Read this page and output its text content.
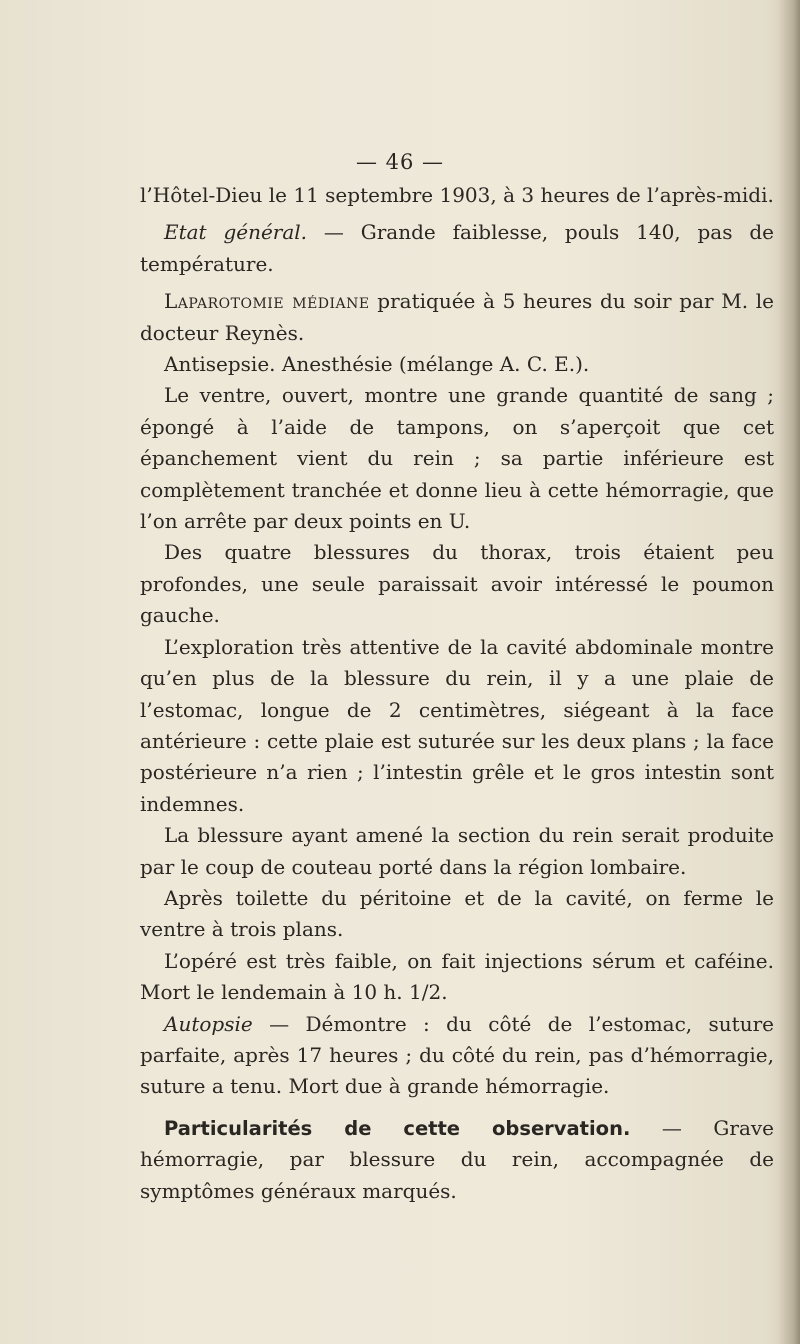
— 46 —

l’Hôtel-Dieu le 11 septembre 1903, à 3 heures de l’après-midi.

Etat général. — Grande faiblesse, pouls 140, pas de température.

Laparotomie médiane pratiquée à 5 heures du soir par M. le docteur Reynès.

Antisepsie. Anesthésie (mélange A. C. E.).

Le ventre, ouvert, montre une grande quantité de sang ; épongé à l’aide de tampons, on s’aperçoit que cet épanchement vient du rein ; sa partie inférieure est complètement tranchée et donne lieu à cette hémorragie, que l’on arrête par deux points en U.

Des quatre blessures du thorax, trois étaient peu profondes, une seule paraissait avoir intéressé le poumon gauche.

L’exploration très attentive de la cavité abdominale montre qu’en plus de la blessure du rein, il y a une plaie de l’estomac, longue de 2 centimètres, siégeant à la face antérieure : cette plaie est suturée sur les deux plans ; la face postérieure n’a rien ; l’intestin grêle et le gros intestin sont indemnes.

La blessure ayant amené la section du rein serait produite par le coup de couteau porté dans la région lombaire.

Après toilette du péritoine et de la cavité, on ferme le ventre à trois plans.

L’opéré est très faible, on fait injections sérum et caféine. Mort le lendemain à 10 h. 1/2.

Autopsie — Démontre : du côté de l’estomac, suture parfaite, après 17 heures ; du côté du rein, pas d’hémorragie, suture a tenu. Mort due à grande hémorragie.

Particularités de cette observation. — Grave hémorragie, par blessure du rein, accompagnée de symptômes généraux marqués.
